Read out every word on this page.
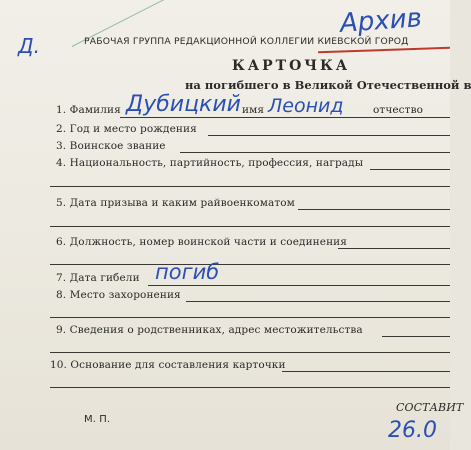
Д.
Архив
РАБОЧАЯ ГРУППА РЕДАКЦИОННОЙ КОЛЛЕГИИ КИЕВСКОЙ ГОРОД
КАРТОЧКА
на погибшего в Великой Отечественной в
1. Фамилия Дубицкий имя Леонид	отчество
2. Год и место рождения
3. Воинское звание
4. Национальность, партийность, профессия, награды
5. Дата призыва и каким райвоенкоматом
6. Должность, номер воинской части и соединения
7. Дата гибели погиб
8. Место захоронения
9. Сведения о родственниках, адрес местожительства
10. Основание для составления карточки
М. П.
СОСТАВИТ
26.0
